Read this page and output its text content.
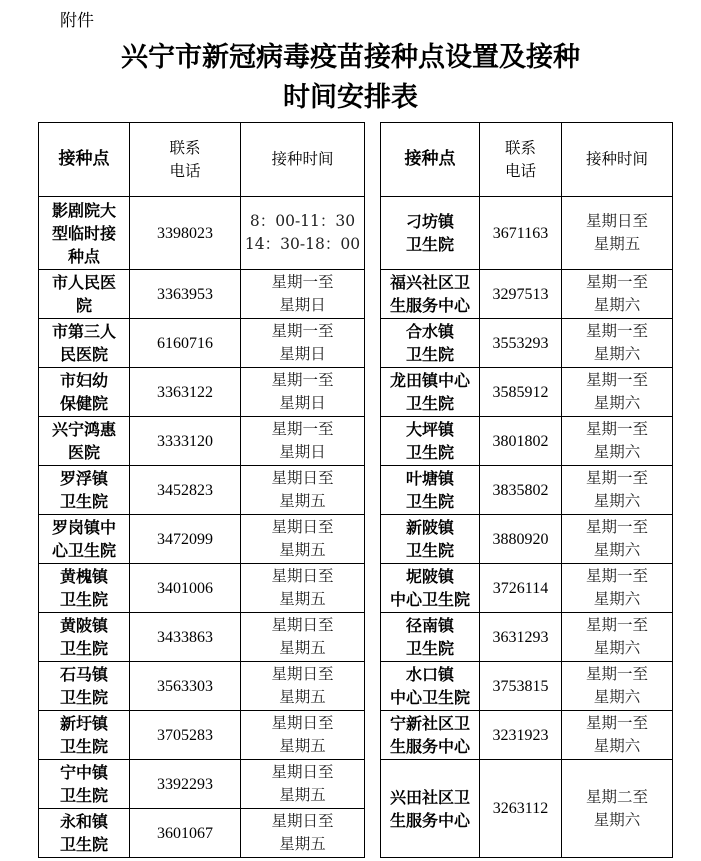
附件
兴宁市新冠病毒疫苗接种点设置及接种
时间安排表
接种点	联系
电话	接种时间

影剧院大
型临时接
种点	3398023	8：00-11：30
14：30-18：00

市人民医
院	3363953	星期一至
星期日

市第三人
民医院	6160716	星期一至
星期日

市妇幼
保健院	3363122	星期一至
星期日

兴宁鸿惠
医院	3333120	星期一至
星期日

罗浮镇
卫生院	3452823	星期日至
星期五

罗岗镇中
心卫生院	3472099	星期日至
星期五

黄槐镇
卫生院	3401006	星期日至
星期五

黄陂镇
卫生院	3433863	星期日至
星期五

石马镇
卫生院	3563303	星期日至
星期五

新圩镇
卫生院	3705283	星期日至
星期五

宁中镇
卫生院	3392293	星期日至
星期五

永和镇
卫生院	3601067	星期日至
星期五
接种点	联系
电话	接种时间

刁坊镇
卫生院	3671163	星期日至
星期五

福兴社区卫
生服务中心	3297513	星期一至
星期六

合水镇
卫生院	3553293	星期一至
星期六

龙田镇中心
卫生院	3585912	星期一至
星期六

大坪镇
卫生院	3801802	星期一至
星期六

叶塘镇
卫生院	3835802	星期一至
星期六

新陂镇
卫生院	3880920	星期一至
星期六

坭陂镇
中心卫生院	3726114	星期一至
星期六

径南镇
卫生院	3631293	星期一至
星期六

水口镇
中心卫生院	3753815	星期一至
星期六

宁新社区卫
生服务中心	3231923	星期一至
星期六

兴田社区卫
生服务中心	3263112	星期二至
星期六
